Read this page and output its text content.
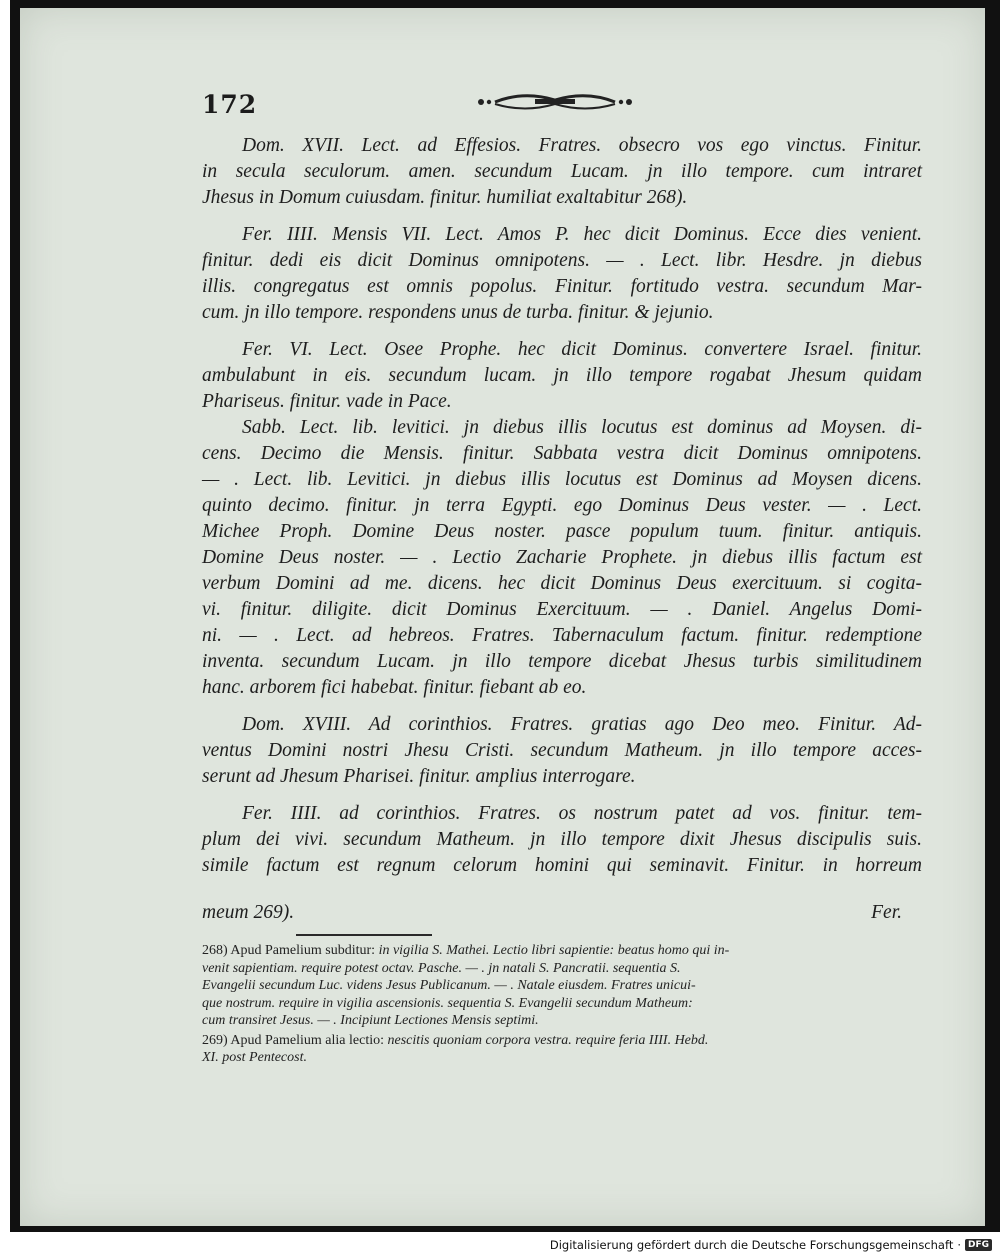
172
Dom. XVII. Lect. ad Effesios. Fratres. obsecro vos ego vinctus. Finitur.
in secula seculorum. amen. secundum Lucam. jn illo tempore. cum intraret
Jhesus in Domum cuiusdam. finitur. humiliat exaltabitur 268).
Fer. IIII. Mensis VII. Lect. Amos P. hec dicit Dominus. Ecce dies venient.
finitur. dedi eis dicit Dominus omnipotens. — . Lect. libr. Hesdre. jn diebus
illis. congregatus est omnis popolus. Finitur. fortitudo vestra. secundum Mar-
cum. jn illo tempore. respondens unus de turba. finitur. & jejunio.
Fer. VI. Lect. Osee Prophe. hec dicit Dominus. convertere Israel. finitur.
ambulabunt in eis. secundum lucam. jn illo tempore rogabat Jhesum quidam
Phariseus. finitur. vade in Pace.
Sabb. Lect. lib. levitici. jn diebus illis locutus est dominus ad Moysen. di-
cens. Decimo die Mensis. finitur. Sabbata vestra dicit Dominus omnipotens.
— . Lect. lib. Levitici. jn diebus illis locutus est Dominus ad Moysen dicens.
quinto decimo. finitur. jn terra Egypti. ego Dominus Deus vester. — . Lect.
Michee Proph. Domine Deus noster. pasce populum tuum. finitur. antiquis.
Domine Deus noster. — . Lectio Zacharie Prophete. jn diebus illis factum est
verbum Domini ad me. dicens. hec dicit Dominus Deus exercituum. si cogita-
vi. finitur. diligite. dicit Dominus Exercituum. — . Daniel. Angelus Domi-
ni. — . Lect. ad hebreos. Fratres. Tabernaculum factum. finitur. redemptione
inventa. secundum Lucam. jn illo tempore dicebat Jhesus turbis similitudinem
hanc. arborem fici habebat. finitur. fiebant ab eo.
Dom. XVIII. Ad corinthios. Fratres. gratias ago Deo meo. Finitur. Ad-
ventus Domini nostri Jhesu Cristi. secundum Matheum. jn illo tempore acces-
serunt ad Jhesum Pharisei. finitur. amplius interrogare.
Fer. IIII. ad corinthios. Fratres. os nostrum patet ad vos. finitur. tem-
plum dei vivi. secundum Matheum. jn illo tempore dixit Jhesus discipulis suis.
simile factum est regnum celorum homini qui seminavit. Finitur. in horreum
meum 269).	Fer.
268) Apud Pamelium subditur: in vigilia S. Mathei. Lectio libri sapientie: beatus homo qui in-
venit sapientiam. require potest octav. Pasche. — . jn natali S. Pancratii. sequentia S.
Evangelii secundum Luc. videns Jesus Publicanum. — . Natale eiusdem. Fratres unicui-
que nostrum. require in vigilia ascensionis. sequentia S. Evangelii secundum Matheum:
cum transiret Jesus. — . Incipiunt Lectiones Mensis septimi.
269) Apud Pamelium alia lectio: nescitis quoniam corpora vestra. require feria IIII. Hebd.
XI. post Pentecost.
Digitalisierung gefördert durch die Deutsche Forschungsgemeinschaft · DFG
